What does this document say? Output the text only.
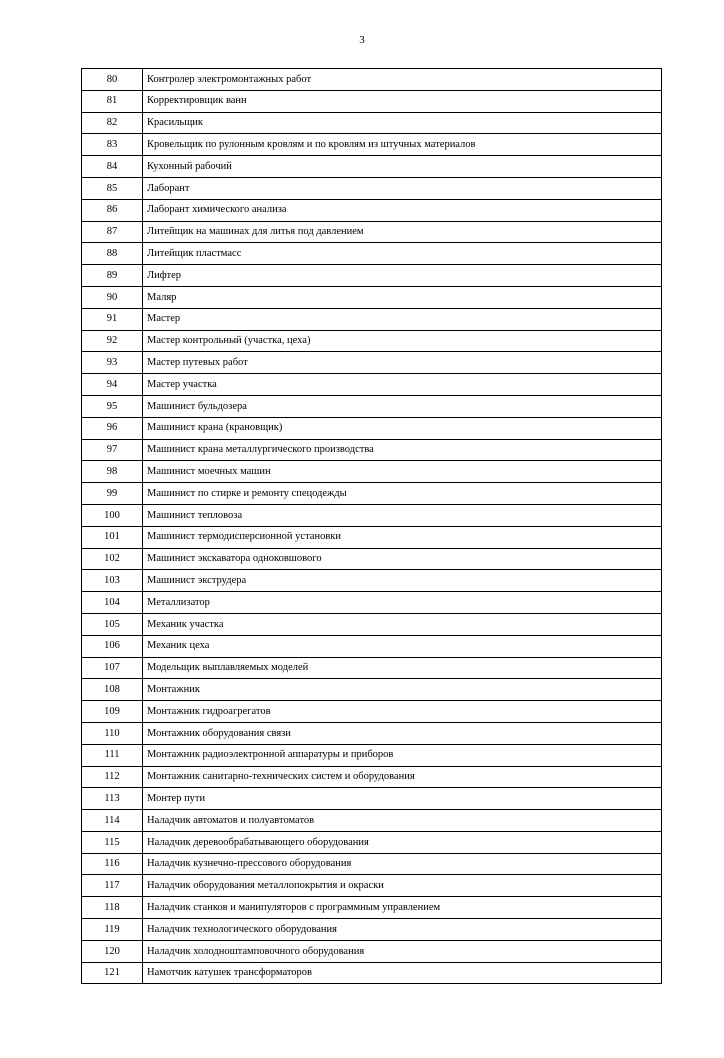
3
80	Контролер электромонтажных работ
81	Корректировщик ванн
82	Красильщик
83	Кровельщик по рулонным кровлям и по кровлям из штучных материалов
84	Кухонный рабочий
85	Лаборант
86	Лаборант химического анализа
87	Литейщик на машинах для литья под давлением
88	Литейщик пластмасс
89	Лифтер
90	Маляр
91	Мастер
92	Мастер контрольный (участка, цеха)
93	Мастер путевых работ
94	Мастер участка
95	Машинист бульдозера
96	Машинист крана (крановщик)
97	Машинист крана металлургического производства
98	Машинист моечных машин
99	Машинист по стирке и ремонту спецодежды
100	Машинист тепловоза
101	Машинист термодисперсионной установки
102	Машинист экскаватора одноковшового
103	Машинист экструдера
104	Металлизатор
105	Механик участка
106	Механик цеха
107	Модельщик выплавляемых моделей
108	Монтажник
109	Монтажник гидроагрегатов
110	Монтажник оборудования связи
111	Монтажник радиоэлектронной аппаратуры и приборов
112	Монтажник санитарно-технических систем и оборудования
113	Монтер пути
114	Наладчик автоматов и полуавтоматов
115	Наладчик деревообрабатывающего оборудования
116	Наладчик кузнечно-прессового оборудования
117	Наладчик оборудования металлопокрытия и окраски
118	Наладчик станков и манипуляторов с программным управлением
119	Наладчик технологического оборудования
120	Наладчик холодноштамповочного оборудования
121	Намотчик катушек трансформаторов
